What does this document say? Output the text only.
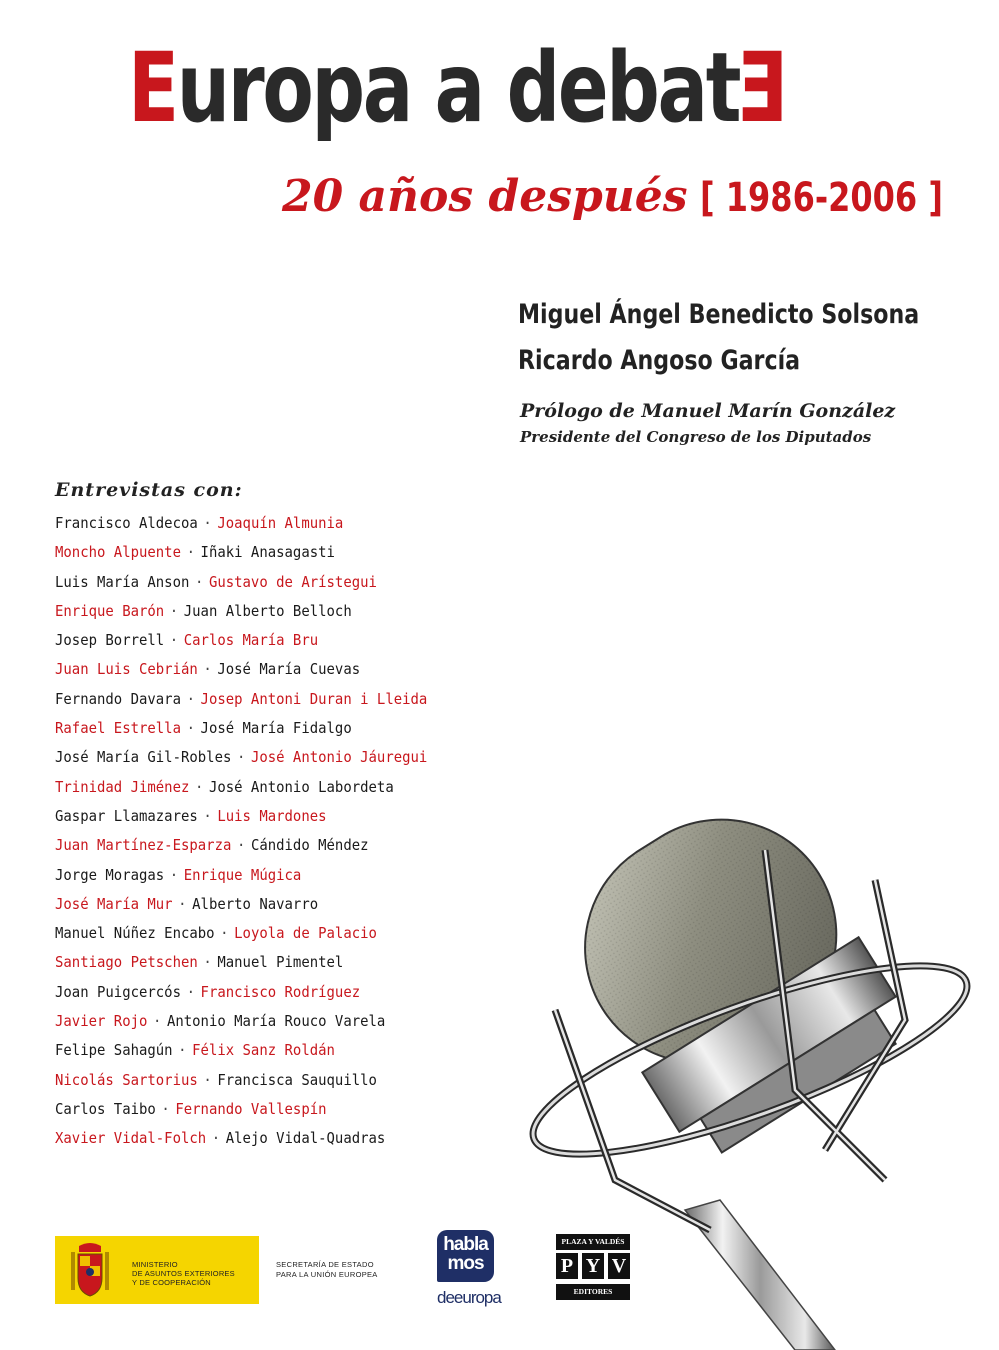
Europa a debatE
20 años después [ 1986-2006 ]
Miguel Ángel Benedicto Solsona
Ricardo Angoso García
Prólogo de Manuel Marín González
Presidente del Congreso de los Diputados
Entrevistas con:
Francisco Aldecoa · Joaquín Almunia
Moncho Alpuente · Iñaki Anasagasti
Luis María Anson · Gustavo de Arístegui
Enrique Barón · Juan Alberto Belloch
Josep Borrell · Carlos María Bru
Juan Luis Cebrián · José María Cuevas
Fernando Davara · Josep Antoni Duran i Lleida
Rafael Estrella · José María Fidalgo
José María Gil-Robles · José Antonio Jáuregui
Trinidad Jiménez · José Antonio Labordeta
Gaspar Llamazares · Luis Mardones
Juan Martínez-Esparza · Cándido Méndez
Jorge Moragas · Enrique Múgica
José María Mur · Alberto Navarro
Manuel Núñez Encabo · Loyola de Palacio
Santiago Petschen · Manuel Pimentel
Joan Puigcercós · Francisco Rodríguez
Javier Rojo · Antonio María Rouco Varela
Felipe Sahagún · Félix Sanz Roldán
Nicolás Sartorius · Francisca Sauquillo
Carlos Taibo · Fernando Vallespín
Xavier Vidal-Folch · Alejo Vidal-Quadras
MINISTERIO
DE ASUNTOS EXTERIORES
Y DE COOPERACIÓN
SECRETARÍA DE ESTADO
PARA LA UNIÓN EUROPEA
habla
mos
deeuropa
PLAZA Y VALDÉS
P Y V
EDITORES
